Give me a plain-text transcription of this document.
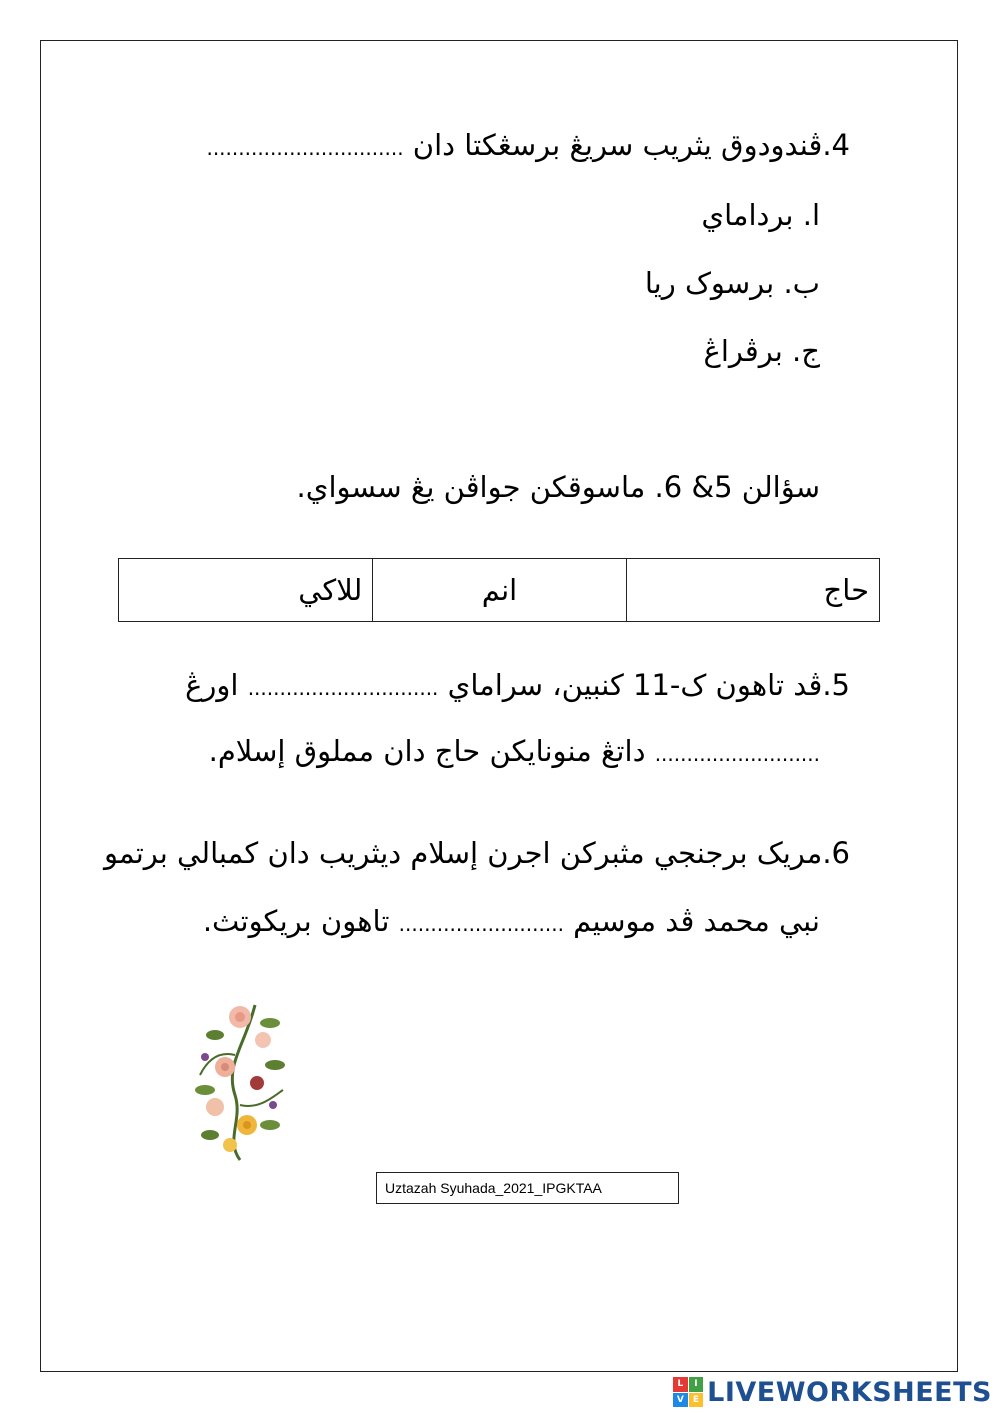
4.ڤندودوق يثريب سريڠ برسڠکتا دان ...............................
ا. برداماي
ب. برسوک ريا
ج. برڤراڠ
سؤالن 5& 6. ماسوقکن جواڤن يڠ سسواي.
حاج
انم
للاکي
5.ڤد تاهون ک-11 کنبين، سراماي .............................. اورڠ
.......................... داتڠ منونايکن حاج دان مملوق إسلام.
6.مريک برجنجي مثبرکن اجرن إسلام ديثريب دان کمبالي برتمو
نبي محمد ڤد موسيم .......................... تاهون بريکوتث.
Uztazah Syuhada_2021_IPGKTAA
L	I
V E LIVEWORKSHEETS
